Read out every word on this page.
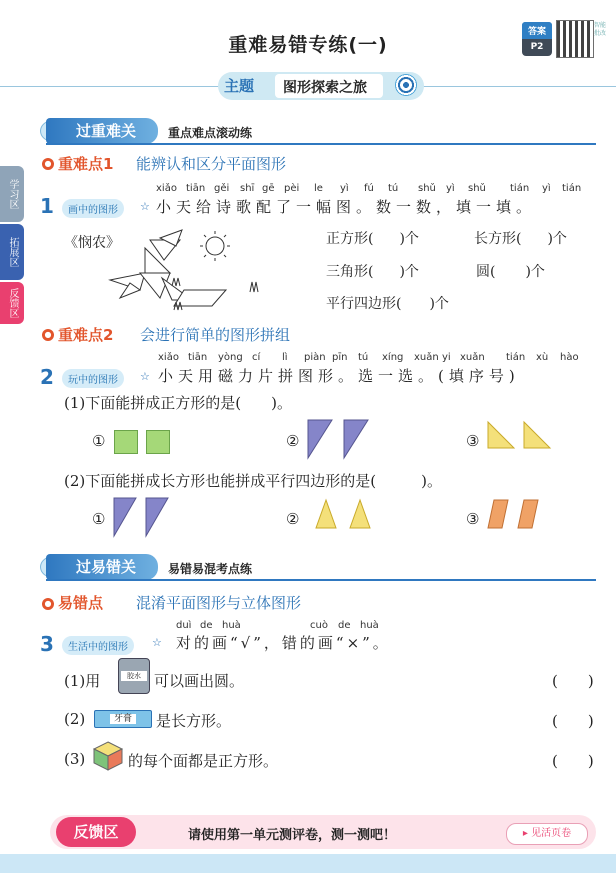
重难易错专练(一)
答案
P2
智能批改
主题 图形探索之旅
学习区
拓展区
反馈区
过重难关	重点难点滚动练
● 重难点1 能辨认和区分平面图形
1	画中的图形	☆
xiǎo tiān gěi shī gē pèi le yì fú tú shǔ yì shǔ tián yì tián
小天给诗歌配了一幅图。数一数，填一填。
《悯农》	正方形( )个	长方形( )个
三角形( )个	圆( )个
平行四边形( )个
● 重难点2 会进行简单的图形拼组
2	玩中的图形	☆
xiǎo tiān yòng cí lì piàn pīn tú xíng xuǎn yi xuǎn tián xù hào
小天用磁力片拼图形。选一选。(填序号)
(1)下面能拼成正方形的是(　　)。
①	②	③
(2)下面能拼成长方形也能拼成平行四边形的是(　　　)。
①	②	③
过易错关	易错易混考点练
● 易错点 混淆平面图形与立体图形
3	生活中的图形	☆
duì de huà	cuò de huà
对的画“√”，错的画“×”。
(1)用	胶水 可以画出圆。	(　　)
(2)	牙膏	是长方形。	(　　)
(3)	的每个面都是正方形。	(　　)
反馈区	请使用第一单元测评卷，测一测吧！	▸ 见活页卷
